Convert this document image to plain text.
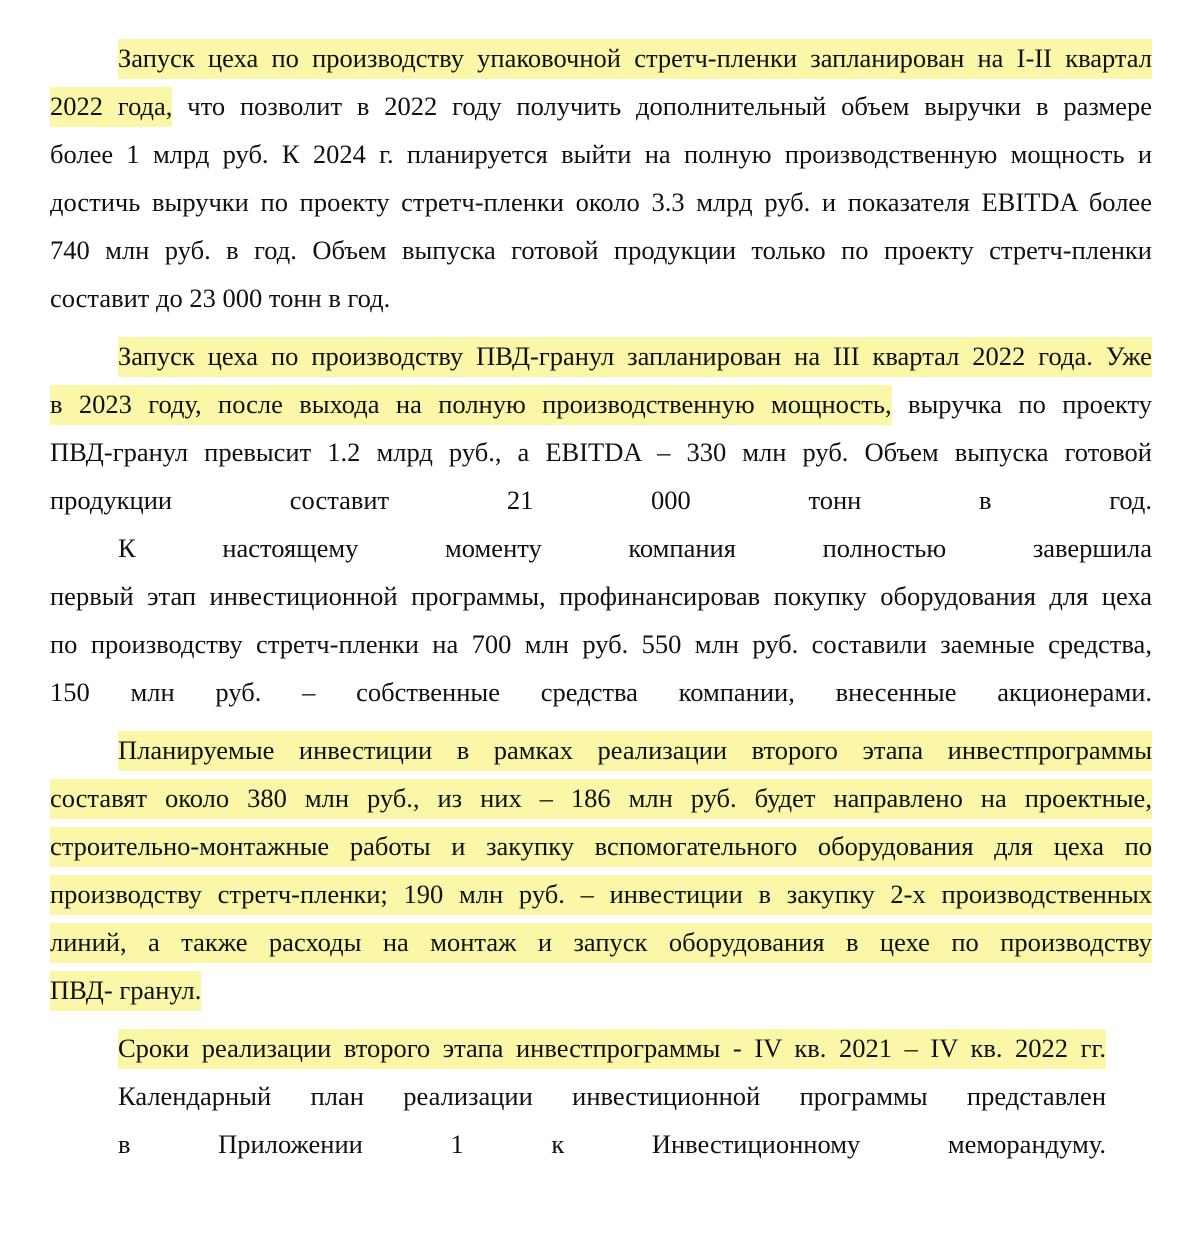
Запуск цеха по производству упаковочной стретч-пленки запланирован на I-II квартал
2022 года, что позволит в 2022 году получить дополнительный объем выручки в размере
более 1 млрд руб. К 2024 г. планируется выйти на полную производственную мощность и
достичь выручки по проекту стретч-пленки около 3.3 млрд руб. и показателя EBITDA более
740 млн руб. в год. Объем выпуска готовой продукции только по проекту стретч-пленки
составит до 23 000 тонн в год.
Запуск цеха по производству ПВД-гранул запланирован на III квартал 2022 года. Уже
в 2023 году, после выхода на полную производственную мощность, выручка по проекту
ПВД-гранул превысит 1.2 млрд руб., а EBITDA – 330 млн руб. Объем выпуска готовой
продукции составит 21 000 тонн в год.
К настоящему моменту компания полностью завершила
первый этап инвестиционной программы, профинансировав покупку оборудования для цеха
по производству стретч-пленки на 700 млн руб. 550 млн руб. составили заемные средства,
150 млн руб. – собственные средства компании, внесенные акционерами.
Планируемые инвестиции в рамках реализации второго этапа инвестпрограммы
составят около 380 млн руб., из них – 186 млн руб. будет направлено на проектные,
строительно-монтажные работы и закупку вспомогательного оборудования для цеха по
производству стретч-пленки; 190 млн руб. – инвестиции в закупку 2-х производственных
линий, а также расходы на монтаж и запуск оборудования в цехе по производству
ПВД- гранул.
Сроки реализации второго этапа инвестпрограммы - IV кв. 2021 – IV кв. 2022 гг.
Календарный план реализации инвестиционной программы представлен
в Приложении 1 к Инвестиционному меморандуму.
